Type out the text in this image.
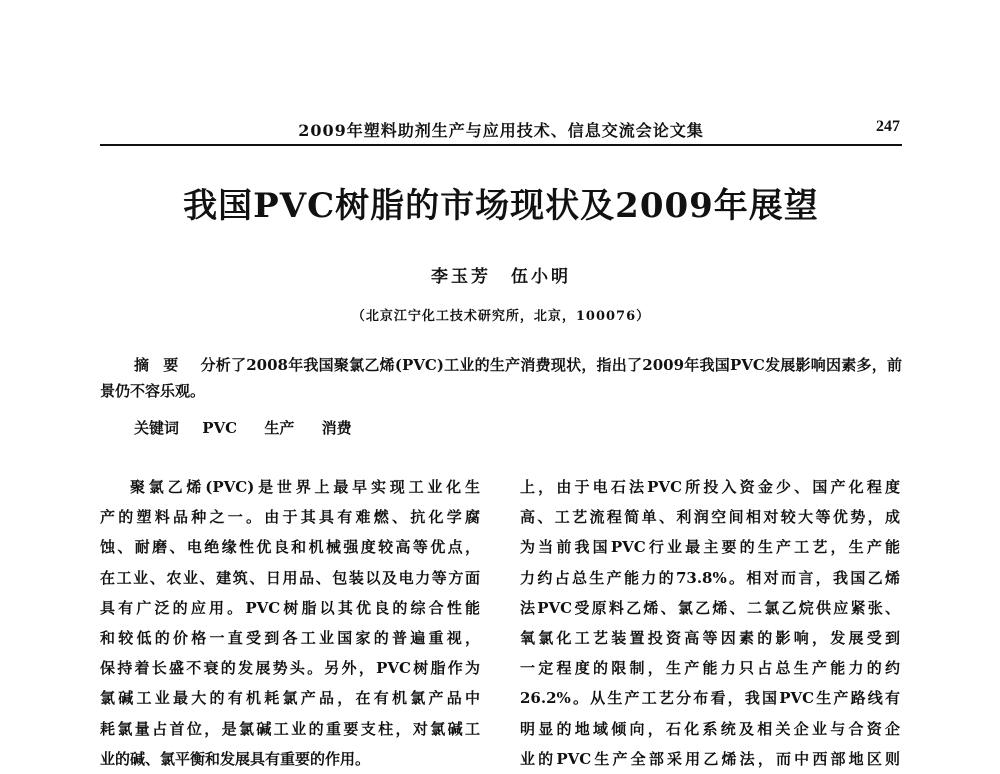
2009年塑料助剂生产与应用技术、信息交流会论文集	247
我国PVC树脂的市场现状及2009年展望
李玉芳　伍小明
（北京江宁化工技术研究所，北京，100076）
摘要 分析了2008年我国聚氯乙烯(PVC)工业的生产消费现状，指出了2009年我国PVC发展影响因素多，前景仍不容乐观。
关键词 PVC 生产 消费
聚氯乙烯(PVC)是世界上最早实现工业化生
产的塑料品种之一。由于其具有难燃、抗化学腐
蚀、耐磨、电绝缘性优良和机械强度较高等优点，
在工业、农业、建筑、日用品、包装以及电力等方面
具有广泛的应用。PVC树脂以其优良的综合性能
和较低的价格一直受到各工业国家的普遍重视，
保持着长盛不衰的发展势头。另外，PVC树脂作为
氯碱工业最大的有机耗氯产品，在有机氯产品中
耗氯量占首位，是氯碱工业的重要支柱，对氯碱工
业的碱、氯平衡和发展具有重要的作用。
上，由于电石法PVC所投入资金少、国产化程度
高、工艺流程简单、利润空间相对较大等优势，成
为当前我国PVC行业最主要的生产工艺，生产能
力约占总生产能力的73.8%。相对而言，我国乙烯
法PVC受原料乙烯、氯乙烯、二氯乙烷供应紧张、
氧氯化工艺装置投资高等因素的影响，发展受到
一定程度的限制，生产能力只占总生产能力的约
26.2%。从生产工艺分布看，我国PVC生产路线有
明显的地域倾向，石化系统及相关企业与合资企
业的PVC生产全部采用乙烯法，而中西部地区则
